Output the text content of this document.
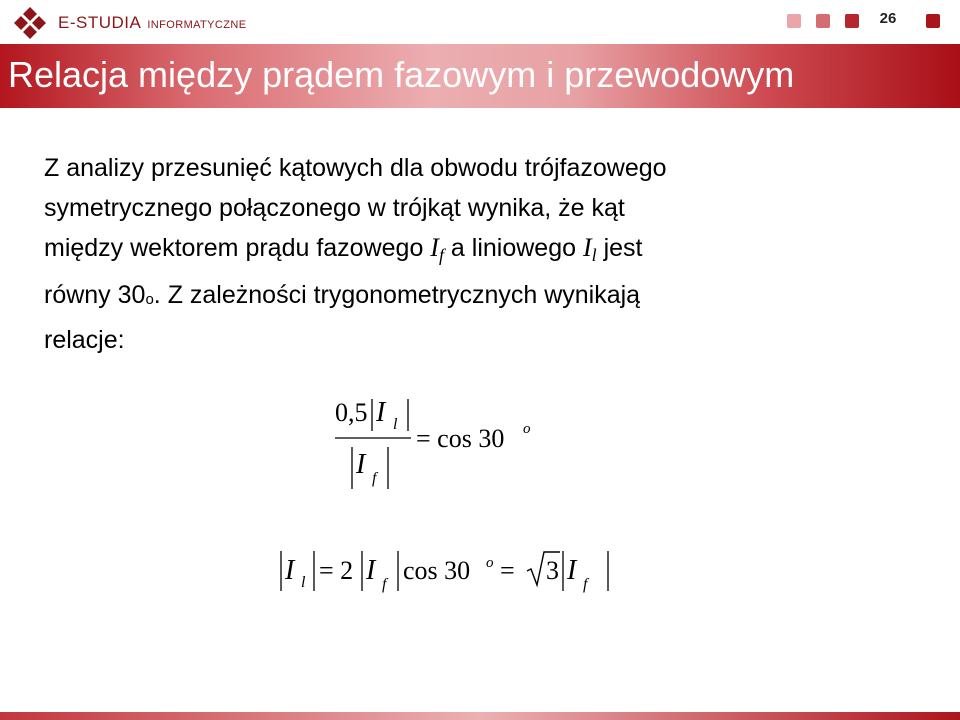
E-STUDIA INFORMATYCZNE	26
Relacja między prądem fazowym i przewodowym
Z analizy przesunięć kątowych dla obwodu trójfazowego
symetrycznego połączonego w trójkąt wynika, że kąt
między wektorem prądu fazowego $I_f$ a liniowego $I_l$ jest
równy 30o. Z zależności trygonometrycznych wynikają
relacje:
0,5 I l
I f
= cos 30 o
I l = 2 I f cos 30 o = 3 I f
